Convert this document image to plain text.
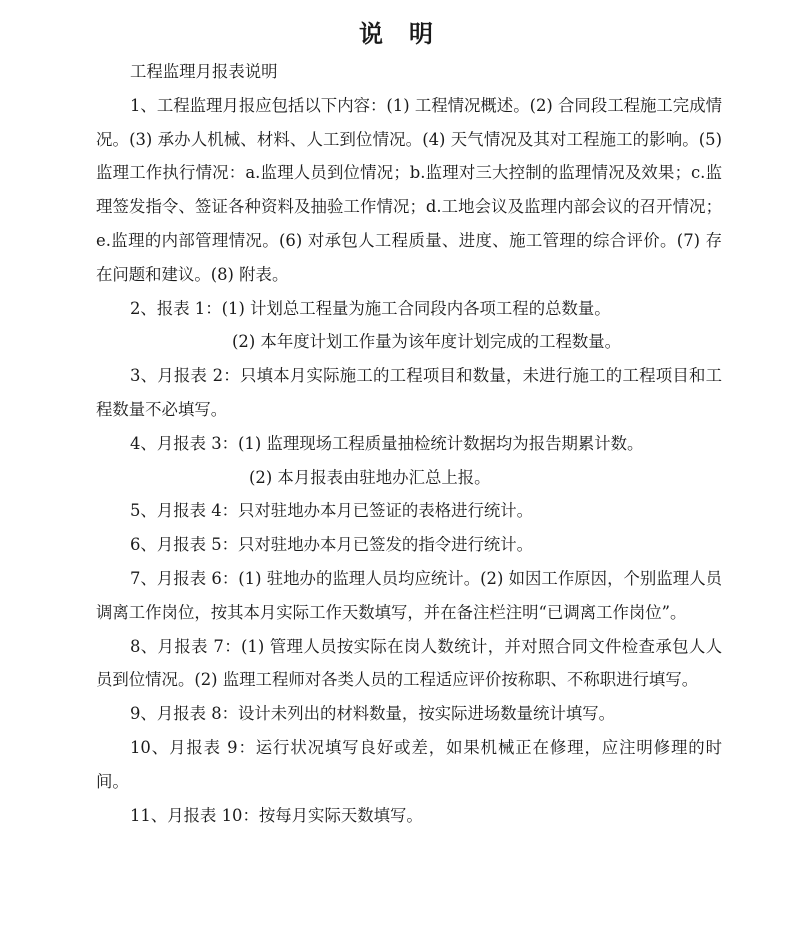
说　明

工程监理月报表说明

1、工程监理月报应包括以下内容：(1) 工程情况概述。(2) 合同段工程施工完成情况。(3) 承办人机械、材料、人工到位情况。(4) 天气情况及其对工程施工的影响。(5) 监理工作执行情况：a.监理人员到位情况；b.监理对三大控制的监理情况及效果；c.监理签发指令、签证各种资料及抽验工作情况；d.工地会议及监理内部会议的召开情况；e.监理的内部管理情况。(6) 对承包人工程质量、进度、施工管理的综合评价。(7) 存在问题和建议。(8) 附表。

2、报表 1：(1) 计划总工程量为施工合同段内各项工程的总数量。

(2) 本年度计划工作量为该年度计划完成的工程数量。

3、月报表 2：只填本月实际施工的工程项目和数量，未进行施工的工程项目和工程数量不必填写。

4、月报表 3：(1) 监理现场工程质量抽检统计数据均为报告期累计数。

(2) 本月报表由驻地办汇总上报。

5、月报表 4：只对驻地办本月已签证的表格进行统计。

6、月报表 5：只对驻地办本月已签发的指令进行统计。

7、月报表 6：(1) 驻地办的监理人员均应统计。(2) 如因工作原因，个别监理人员调离工作岗位，按其本月实际工作天数填写，并在备注栏注明“已调离工作岗位”。

8、月报表 7：(1) 管理人员按实际在岗人数统计，并对照合同文件检查承包人人员到位情况。(2) 监理工程师对各类人员的工程适应评价按称职、不称职进行填写。

9、月报表 8：设计未列出的材料数量，按实际进场数量统计填写。

10、月报表 9：运行状况填写良好或差，如果机械正在修理，应注明修理的时间。

11、月报表 10：按每月实际天数填写。
